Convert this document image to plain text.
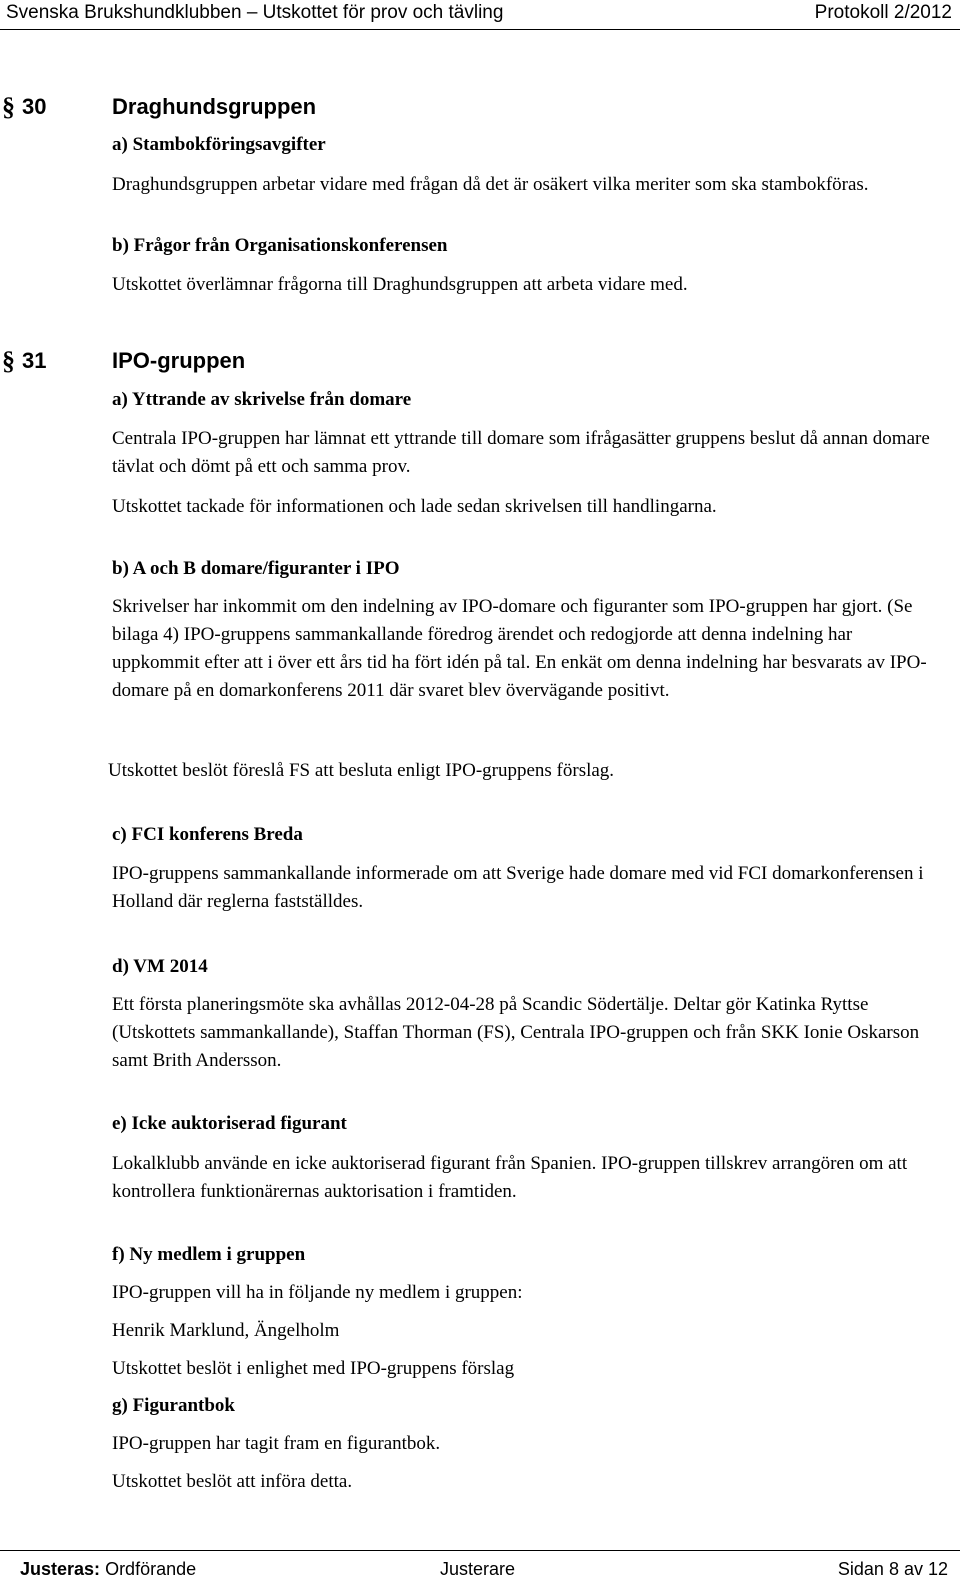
Svenska Brukshundklubben – Utskottet för prov och tävling	Protokoll 2/2012
§ 30	Draghundsgruppen
a) Stambokföringsavgifter
Draghundsgruppen arbetar vidare med frågan då det är osäkert vilka meriter som ska stambokföras.
b) Frågor från Organisationskonferensen
Utskottet överlämnar frågorna till Draghundsgruppen att arbeta vidare med.
§ 31	IPO-gruppen
a) Yttrande av skrivelse från domare
Centrala IPO-gruppen har lämnat ett yttrande till domare som ifrågasätter gruppens beslut då annan domare tävlat och dömt på ett och samma prov.
Utskottet tackade för informationen och lade sedan skrivelsen till handlingarna.
b) A och B domare/figuranter i IPO
Skrivelser har inkommit om den indelning av IPO-domare och figuranter som IPO-gruppen har gjort. (Se bilaga 4) IPO-gruppens sammankallande föredrog ärendet och redogjorde att denna indelning har uppkommit efter att i över ett års tid ha fört idén på tal. En enkät om denna indelning har besvarats av IPO-domare på en domarkonferens 2011 där svaret blev övervägande positivt.
Utskottet beslöt föreslå FS att besluta enligt IPO-gruppens förslag.
c) FCI konferens Breda
IPO-gruppens sammankallande informerade om att Sverige hade domare med vid FCI domarkonferensen i Holland där reglerna fastställdes.
d) VM 2014
Ett första planeringsmöte ska avhållas 2012-04-28 på Scandic Södertälje. Deltar gör Katinka Ryttse (Utskottets sammankallande), Staffan Thorman (FS), Centrala IPO-gruppen och från SKK Ionie Oskarson samt Brith Andersson.
e) Icke auktoriserad figurant
Lokalklubb använde en icke auktoriserad figurant från Spanien. IPO-gruppen tillskrev arrangören om att kontrollera funktionärernas auktorisation i framtiden.
f) Ny medlem i gruppen
IPO-gruppen vill ha in följande ny medlem i gruppen:
Henrik Marklund, Ängelholm
Utskottet beslöt i enlighet med IPO-gruppens förslag
g) Figurantbok
IPO-gruppen har tagit fram en figurantbok.
Utskottet beslöt att införa detta.
Justeras: Ordförande	Justerare	Sidan 8 av 12
